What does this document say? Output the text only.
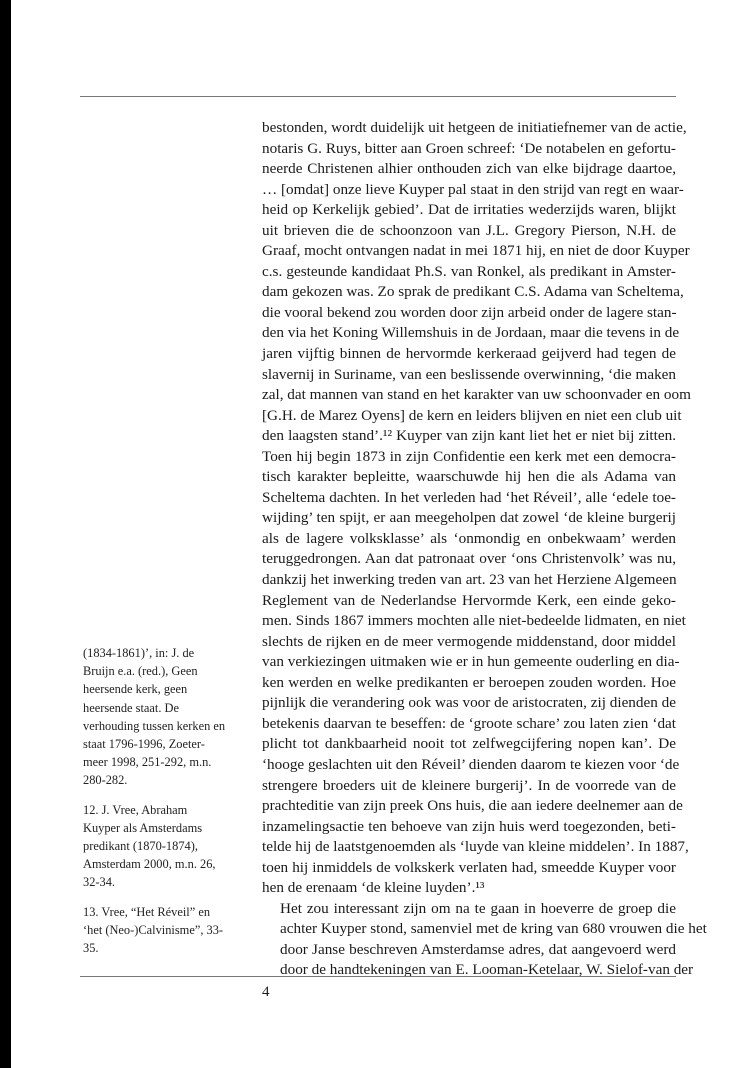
bestonden, wordt duidelijk uit hetgeen de initiatiefnemer van de actie,
notaris G. Ruys, bitter aan Groen schreef: ‘De notabelen en gefortu-
neerde Christenen alhier onthouden zich van elke bijdrage daartoe,
… [omdat] onze lieve Kuyper pal staat in den strijd van regt en waar-
heid op Kerkelijk gebied’. Dat de irritaties wederzijds waren, blijkt
uit brieven die de schoonzoon van J.L. Gregory Pierson, N.H. de
Graaf, mocht ontvangen nadat in mei 1871 hij, en niet de door Kuyper
c.s. gesteunde kandidaat Ph.S. van Ronkel, als predikant in Amster-
dam gekozen was. Zo sprak de predikant C.S. Adama van Scheltema,
die vooral bekend zou worden door zijn arbeid onder de lagere stan-
den via het Koning Willemshuis in de Jordaan, maar die tevens in de
jaren vijftig binnen de hervormde kerkeraad geijverd had tegen de
slavernij in Suriname, van een beslissende overwinning, ‘die maken
zal, dat mannen van stand en het karakter van uw schoonvader en oom
[G.H. de Marez Oyens] de kern en leiders blijven en niet een club uit
den laagsten stand’.¹² Kuyper van zijn kant liet het er niet bij zitten.
Toen hij begin 1873 in zijn Confidentie een kerk met een democra-
tisch karakter bepleitte, waarschuwde hij hen die als Adama van
Scheltema dachten. In het verleden had ‘het Réveil’, alle ‘edele toe-
wijding’ ten spijt, er aan meegeholpen dat zowel ‘de kleine burgerij
als de lagere volksklasse’ als ‘onmondig en onbekwaam’ werden
teruggedrongen. Aan dat patronaat over ‘ons Christenvolk’ was nu,
dankzij het inwerking treden van art. 23 van het Herziene Algemeen
Reglement van de Nederlandse Hervormde Kerk, een einde geko-
men. Sinds 1867 immers mochten alle niet-bedeelde lidmaten, en niet
slechts de rijken en de meer vermogende middenstand, door middel
van verkiezingen uitmaken wie er in hun gemeente ouderling en dia-
ken werden en welke predikanten er beroepen zouden worden. Hoe
pijnlijk die verandering ook was voor de aristocraten, zij dienden de
betekenis daarvan te beseffen: de ‘groote schare’ zou laten zien ‘dat
plicht tot dankbaarheid nooit tot zelfwegcijfering nopen kan’. De
‘hooge geslachten uit den Réveil’ dienden daarom te kiezen voor ‘de
strengere broeders uit de kleinere burgerij’. In de voorrede van de
prachteditie van zijn preek Ons huis, die aan iedere deelnemer aan de
inzamelingsactie ten behoeve van zijn huis werd toegezonden, beti-
telde hij de laatstgenoemden als ‘luyde van kleine middelen’. In 1887,
toen hij inmiddels de volkskerk verlaten had, smeedde Kuyper voor
hen de erenaam ‘de kleine luyden’.¹³

Het zou interessant zijn om na te gaan in hoeverre de groep die
achter Kuyper stond, samenviel met de kring van 680 vrouwen die het
door Janse beschreven Amsterdamse adres, dat aangevoerd werd
door de handtekeningen van E. Looman-Ketelaar, W. Sielof-van der

(1834-1861)’, in: J. de
Bruijn e.a. (red.), Geen
heersende kerk, geen
heersende staat. De
verhouding tussen kerken en
staat 1796-1996, Zoeter-
meer 1998, 251-292, m.n.
280-282.
12. J. Vree, Abraham
Kuyper als Amsterdams
predikant (1870-1874),
Amsterdam 2000, m.n. 26,
32-34.
13. Vree, “Het Réveil” en
‘het (Neo-)Calvinisme”, 33-
35.
4
